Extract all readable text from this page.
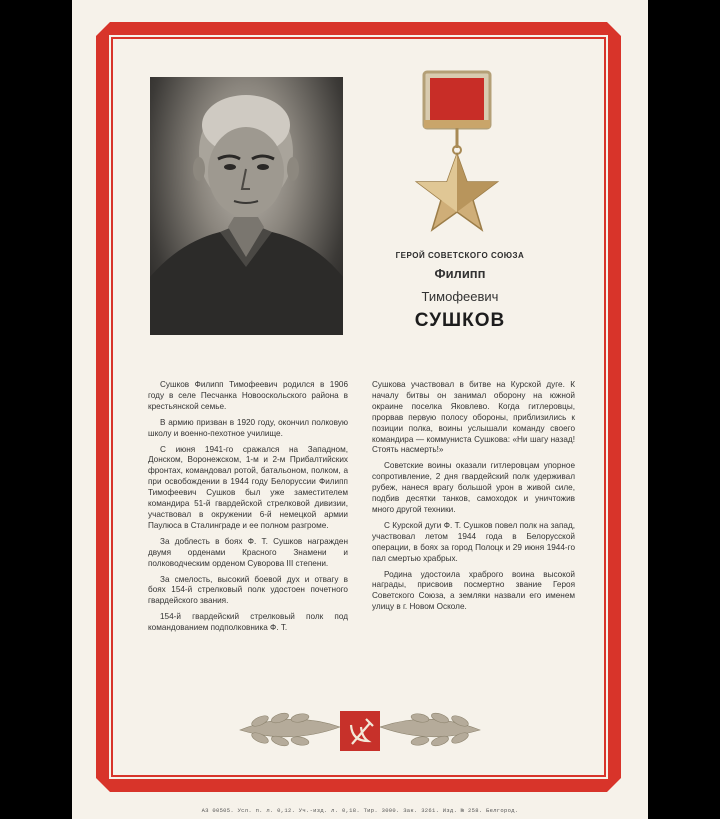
ГЕРОЙ СОВЕТСКОГО СОЮЗА
Филипп
Тимофеевич
СУШКОВ

Сушков Филипп Тимофеевич родился в 1906 году в селе Песчанка Новооскольского района в крестьянской семье.

В армию призван в 1920 году, окончил полковую школу и военно-пехотное училище.

С июня 1941-го сражался на Западном, Донском, Воронежском, 1-м и 2-м Прибалтийских фронтах, командовал ротой, батальоном, полком, а при освобождении в 1944 году Белоруссии Филипп Тимофеевич Сушков был уже заместителем командира 51-й гвардейской стрелковой дивизии, участвовал в окружении 6-й немецкой армии Паулюса в Сталинграде и ее полном разгроме.

За доблесть в боях Ф. Т. Сушков награжден двумя орденами Красного Знамени и полководческим орденом Суворова III степени.

За смелость, высокий боевой дух и отвагу в боях 154-й стрелковый полк удостоен почетного гвардейского звания.

154-й гвардейский стрелковый полк под командованием подполковника Ф. Т.

Сушкова участвовал в битве на Курской дуге. К началу битвы он занимал оборону на южной окраине поселка Яковлево. Когда гитлеровцы, прорвав первую полосу обороны, приблизились к позиции полка, воины услышали команду своего командира — коммуниста Сушкова: «Ни шагу назад! Стоять насмерть!»

Советские воины оказали гитлеровцам упорное сопротивление, 2 дня гвардейский полк удерживал рубеж, нанеся врагу большой урон в живой силе, подбив десятки танков, самоходок и уничтожив много другой техники.

С Курской дуги Ф. Т. Сушков повел полк на запад, участвовал летом 1944 года в Белорусской операции, в боях за город Полоцк и 29 июня 1944-го пал смертью храбрых.

Родина удостоила храброго воина высокой награды, присвоив посмертно звание Героя Советского Союза, а земляки назвали его именем улицу в г. Новом Осколе.

АЗ 00505. Усл. п. л. 0,12. Уч.-изд. л. 0,18. Тир. 3000. Зак. 3261. Изд. № 258. Белгород.
